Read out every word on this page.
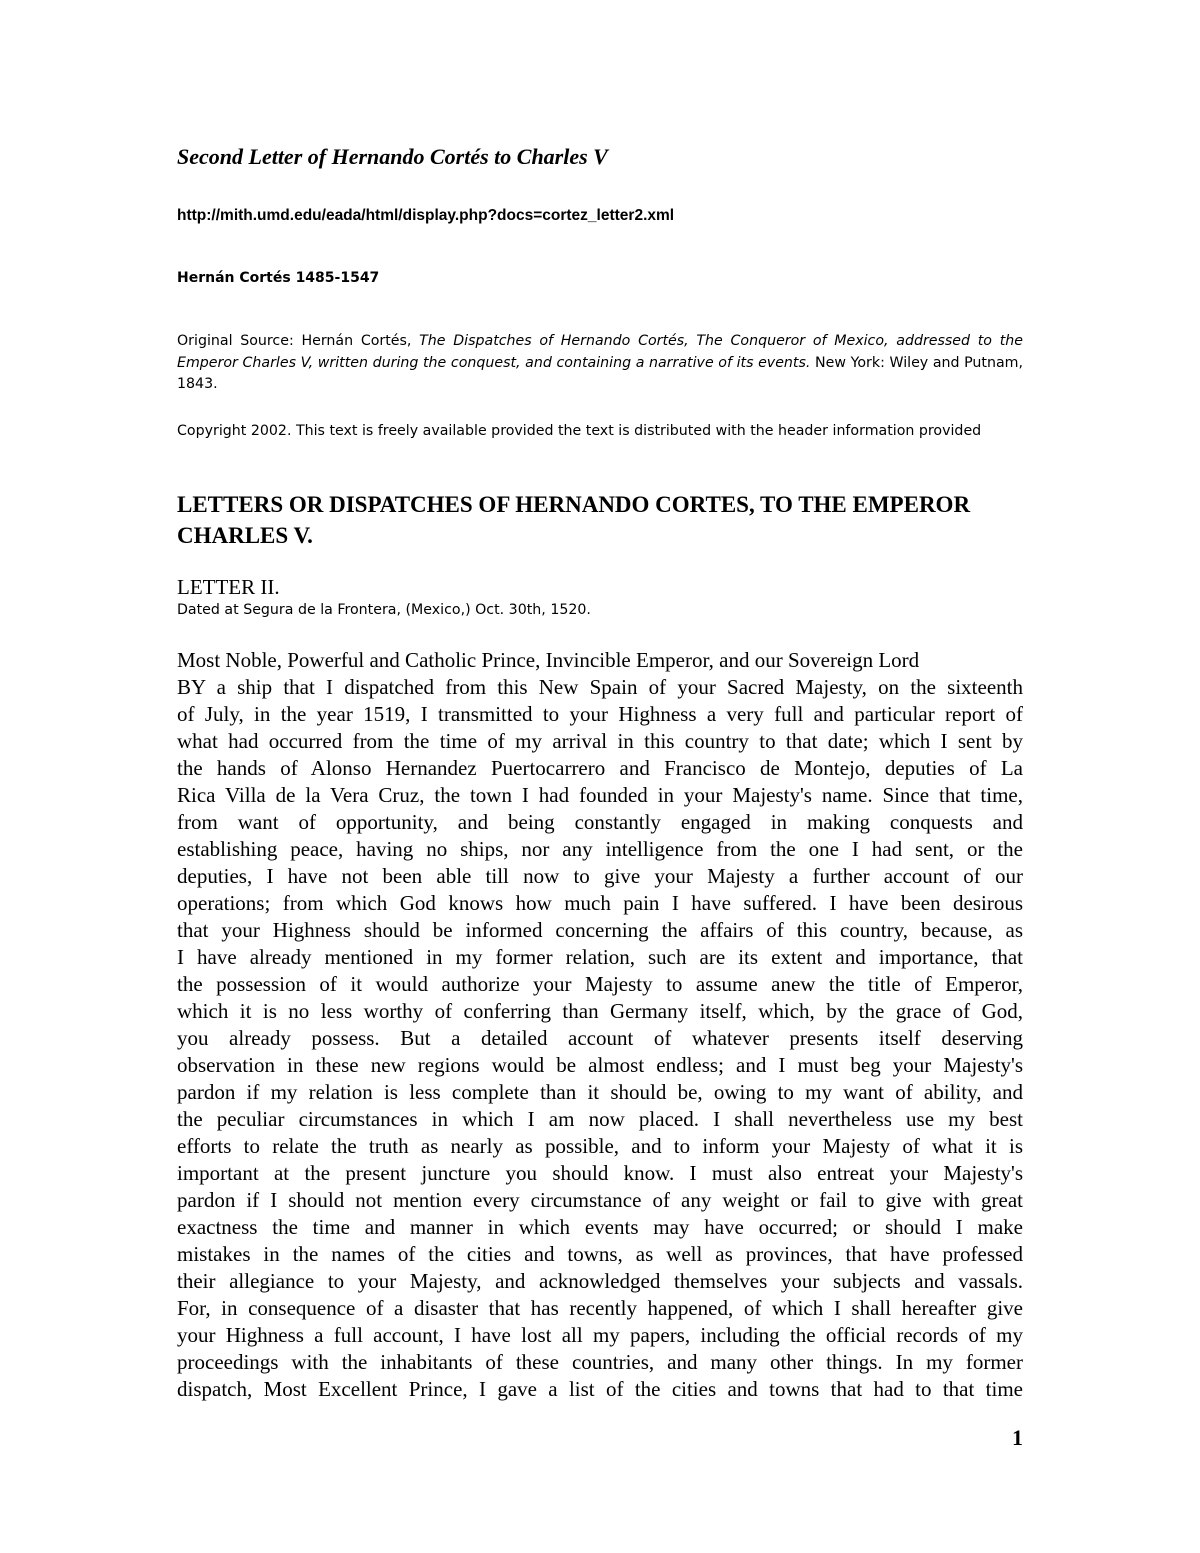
Second Letter of Hernando Cortés to Charles V
http://mith.umd.edu/eada/html/display.php?docs=cortez_letter2.xml
Hernán Cortés 1485-1547

Original Source: Hernán Cortés, The Dispatches of Hernando Cortés, The Conqueror of Mexico, addressed to the Emperor Charles V, written during the conquest, and containing a narrative of its events. New York: Wiley and Putnam, 1843.

Copyright 2002. This text is freely available provided the text is distributed with the header information provided

LETTERS OR DISPATCHES OF HERNANDO CORTES, TO THE EMPEROR CHARLES V.
LETTER II.
Dated at Segura de la Frontera, (Mexico,) Oct. 30th, 1520.
Most Noble, Powerful and Catholic Prince, Invincible Emperor, and our Sovereign Lord
BY a ship that I dispatched from this New Spain of your Sacred Majesty, on the sixteenth
of July, in the year 1519, I transmitted to your Highness a very full and particular report of
what had occurred from the time of my arrival in this country to that date; which I sent by
the hands of Alonso Hernandez Puertocarrero and Francisco de Montejo, deputies of La
Rica Villa de la Vera Cruz, the town I had founded in your Majesty's name. Since that time,
from want of opportunity, and being constantly engaged in making conquests and
establishing peace, having no ships, nor any intelligence from the one I had sent, or the
deputies, I have not been able till now to give your Majesty a further account of our
operations; from which God knows how much pain I have suffered. I have been desirous
that your Highness should be informed concerning the affairs of this country, because, as
I have already mentioned in my former relation, such are its extent and importance, that
the possession of it would authorize your Majesty to assume anew the title of Emperor,
which it is no less worthy of conferring than Germany itself, which, by the grace of God,
you already possess. But a detailed account of whatever presents itself deserving
observation in these new regions would be almost endless; and I must beg your Majesty's
pardon if my relation is less complete than it should be, owing to my want of ability, and
the peculiar circumstances in which I am now placed. I shall nevertheless use my best
efforts to relate the truth as nearly as possible, and to inform your Majesty of what it is
important at the present juncture you should know. I must also entreat your Majesty's
pardon if I should not mention every circumstance of any weight or fail to give with great
exactness the time and manner in which events may have occurred; or should I make
mistakes in the names of the cities and towns, as well as provinces, that have professed
their allegiance to your Majesty, and acknowledged themselves your subjects and vassals.
For, in consequence of a disaster that has recently happened, of which I shall hereafter give
your Highness a full account, I have lost all my papers, including the official records of my
proceedings with the inhabitants of these countries, and many other things. In my former
dispatch, Most Excellent Prince, I gave a list of the cities and towns that had to that time
1
